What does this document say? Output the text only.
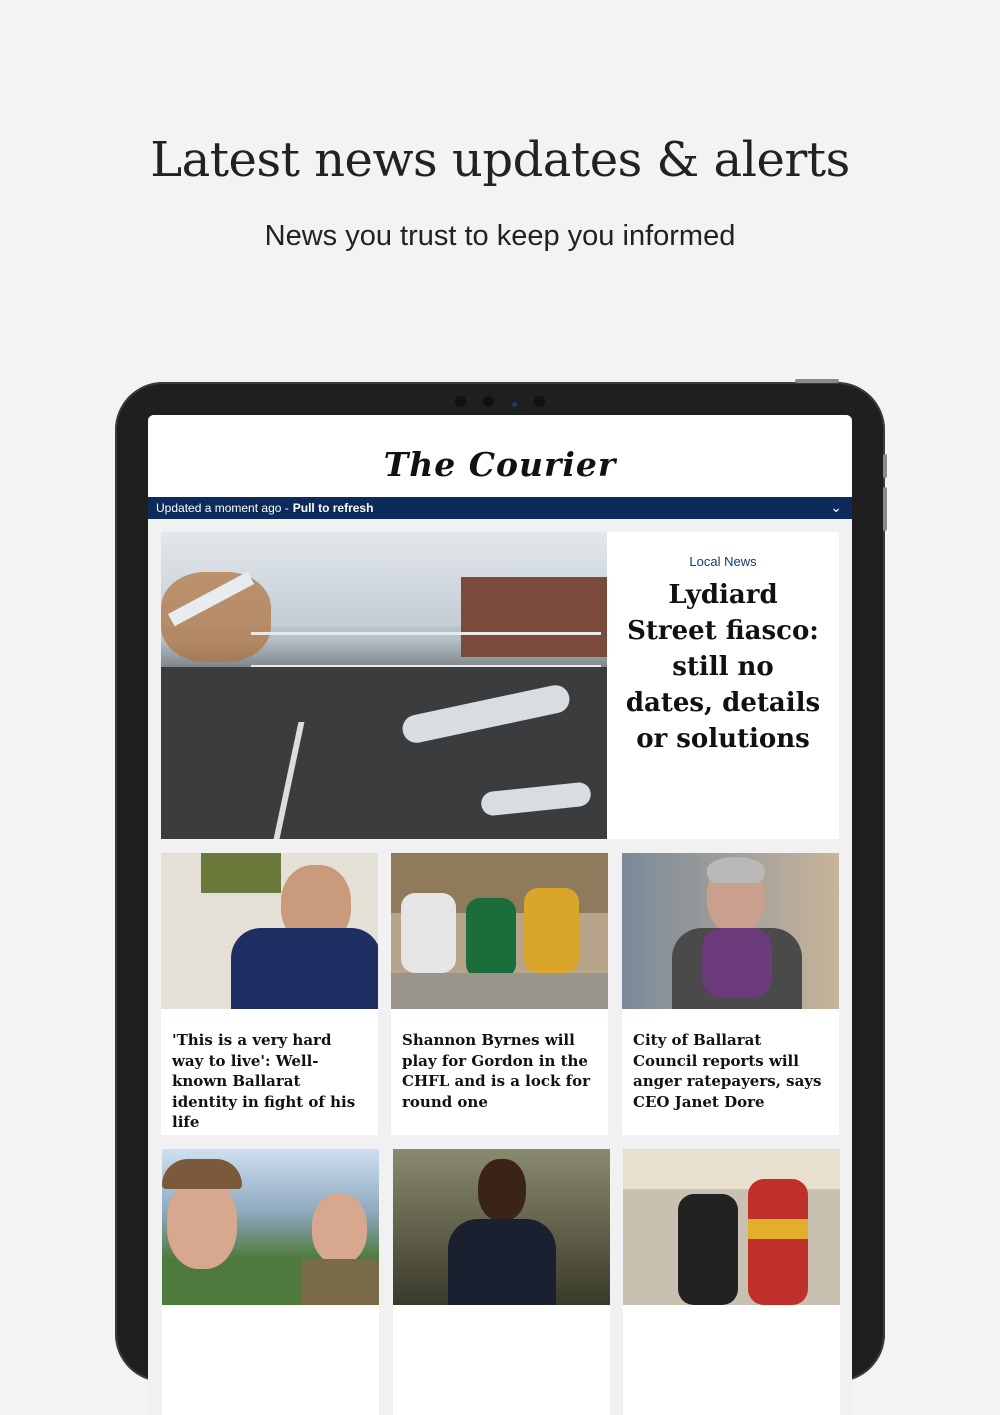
Latest news updates & alerts
News you trust to keep you informed

The Courier
Updated a moment ago - Pull to refresh	⌄
Local News
Lydiard Street fiasco: still no dates, details or solutions
'This is a very hard way to live': Well-known Ballarat identity in fight of his life
Shannon Byrnes will play for Gordon in the CHFL and is a lock for round one
City of Ballarat Council reports will anger ratepayers, says CEO Janet Dore
